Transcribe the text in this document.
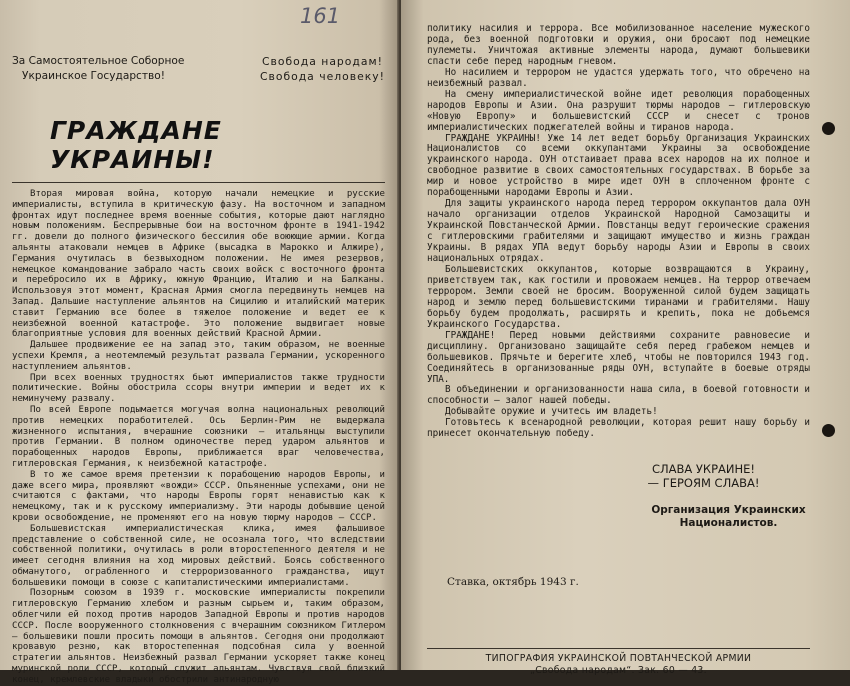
За Самостоятельное Соборное
Украинское Государство!
Свобода народам!
Свобода человеку!
ГРАЖДАНЕ УКРАИНЫ!

Вторая мировая война, которую начали немецкие и русские империалисты, вступила в критическую фазу. На восточном и западном фронтах идут последнее время военные события, которые дают наглядно новым положениям. Беспрерывные бои на восточном фронте в 1941-1942 гг. довели до полного физического бессилия обе воюющие армии. Когда альянты атаковали немцев в Африке (высадка в Марокко и Алжире), Германия очутилась в безвыходном положении. Не имея резервов, немецкое командование забрало часть своих войск с восточного фронта и перебросило их в Африку, южную Францию, Италию и на Балканы. Использовуя этот момент, Красная Армия смогла передвинуть немцев на Запад. Дальшие наступление альянтов на Сицилию и италийский материк ставит Германию все более в тяжелое положение и ведет ее к неизбежной военной катастрофе. Это положение выдвигает новые благоприятные условия для военных действий Красной Армии.

Дальшее продвижение ее на запад это, таким образом, не военные успехи Кремля, а неотемлемый результат развала Германии, ускоренного наступлением альянтов.

При всех военных трудностях бьют империалистов также трудности политические. Войны обострила ссоры внутри империи и ведет их к неминучему развалу.

По всей Европе подымается могучая волна национальных революций против немецких поработителей. Ось Берлин-Рим не выдержала жизненного испытания, вчерашние союзники — итальянцы выступили против Германии. В полном одиночестве перед ударом альянтов и порабощенных народов Европы, приближается враг человечества, гитлеровская Германия, к неизбежной катастрофе.

В то же самое время претензии к порабощению народов Европы, и даже всего мира, проявляют «вожди» СССР. Опьяненные успехами, они не считаются с фактами, что народы Европы горят ненавистью как к немецкому, так и к русскому империализму. Эти народы добывшие ценой крови освобождение, не променяют его на новую тюрму народов — СССР.

Большевистская империалистическая клика, имея фальшивое представление о собственной силе, не осознала того, что вследствии собственной политики, очутилась в роли второстепенного деятеля и не имеет сегодня влияния на ход мировых действий. Боясь собственного обманутого, ограбленного и стерроризованного гражданства, ищут большевики помощи в союзе с капиталистическими империалистами.

Позорным союзом в 1939 г. московские империалисты покрепили гитлеровскую Германию хлебом и разным сырьем и, таким образом, облегчили ей поход против народов Западной Европы и против народов СССР. После вооруженного столкновения с вчерашним союзником Гитлером — большевики пошли просить помощи в альянтов. Сегодня они продолжают кровавую резню, как второстепенная подсобная сила у военной стратегии альянтов. Неизбежный развал Германии ускоряет также конец муринской роли СССР, который служит альянтам. Чувствуя свой близкий конец, кремлевские владыки обострили антинародную

политику насилия и террора. Все мобилизованное население мужеского рода, без военной подготовки и оружия, они бросают под немецкие пулеметы. Уничтожая активные элементы народа, думают большевики спасти себе перед народным гневом.

Но насилием и террором не удастся удержать того, что обречено на неизбежный развал.

На смену империалистической войне идет революция порабощенных народов Европы и Азии. Она разрушит тюрмы народов — гитлеровскую «Новую Европу» и большевистский СССР и снесет с тронов империалистических поджегателей войны и тиранов народа.

ГРАЖДАНЕ УКРАИНЫ! Уже 14 лет ведет борьбу Организация Украинских Националистов со всеми оккупантами Украины за освобождение украинского народа. ОУН отстаивает права всех народов на их полное и свободное развитие в своих самостоятельных государствах. В борьбе за мир и новое устройство в мире идет ОУН в сплоченном фронте с порабощенными народами Европы и Азии.

Для защиты украинского народа перед террором оккупантов дала ОУН начало организации отделов Украинской Народной Самозащиты и Украинской Повстанческой Армии. Повстанцы ведут героические сражения с гитлеровскими грабителями и защищают имущество и жизнь граждан Украины. В рядах УПА ведут борьбу народы Азии и Европы в своих национальных отрядах.

Большевистских оккупантов, которые возвращаются в Украину, приветствуем так, как гостили и провожаем немцев. На террор отвечаем террором. Земли своей не бросим. Вооруженной силой будем защищать народ и землю перед большевистскими тиранами и грабителями. Нашу борьбу будем продолжать, расширять и крепить, пока не добьемся Украинского Государства.

ГРАЖДАНЕ! Перед новыми действиями сохраните равновесие и дисциплину. Организовано защищайте себя перед грабежом немцев и большевиков. Прячьте и берегите хлеб, чтобы не повторился 1943 год. Соединяйтесь в организованные ряды ОУН, вступайте в боевые отряды УПА.

В объединении и организованности наша сила, в боевой готовности и способности — залог нашей победы.

Добывайте оружие и учитесь им владеть!

Готовьтесь к всенародной революции, которая решит нашу борьбу и принесет окончательную победу.

СЛАВА УКРАИНЕ!
— ГЕРОЯМ СЛАВА!
Организация Украинских
Националистов.
Ставка, октябрь 1943 г.
ТИПОГРАФИЯ УКРАИНСКОЙ ПОВТАНЧЕСКОЙ АРМИИ
„Свобода народам“. Зак. 60 — 43.
161
